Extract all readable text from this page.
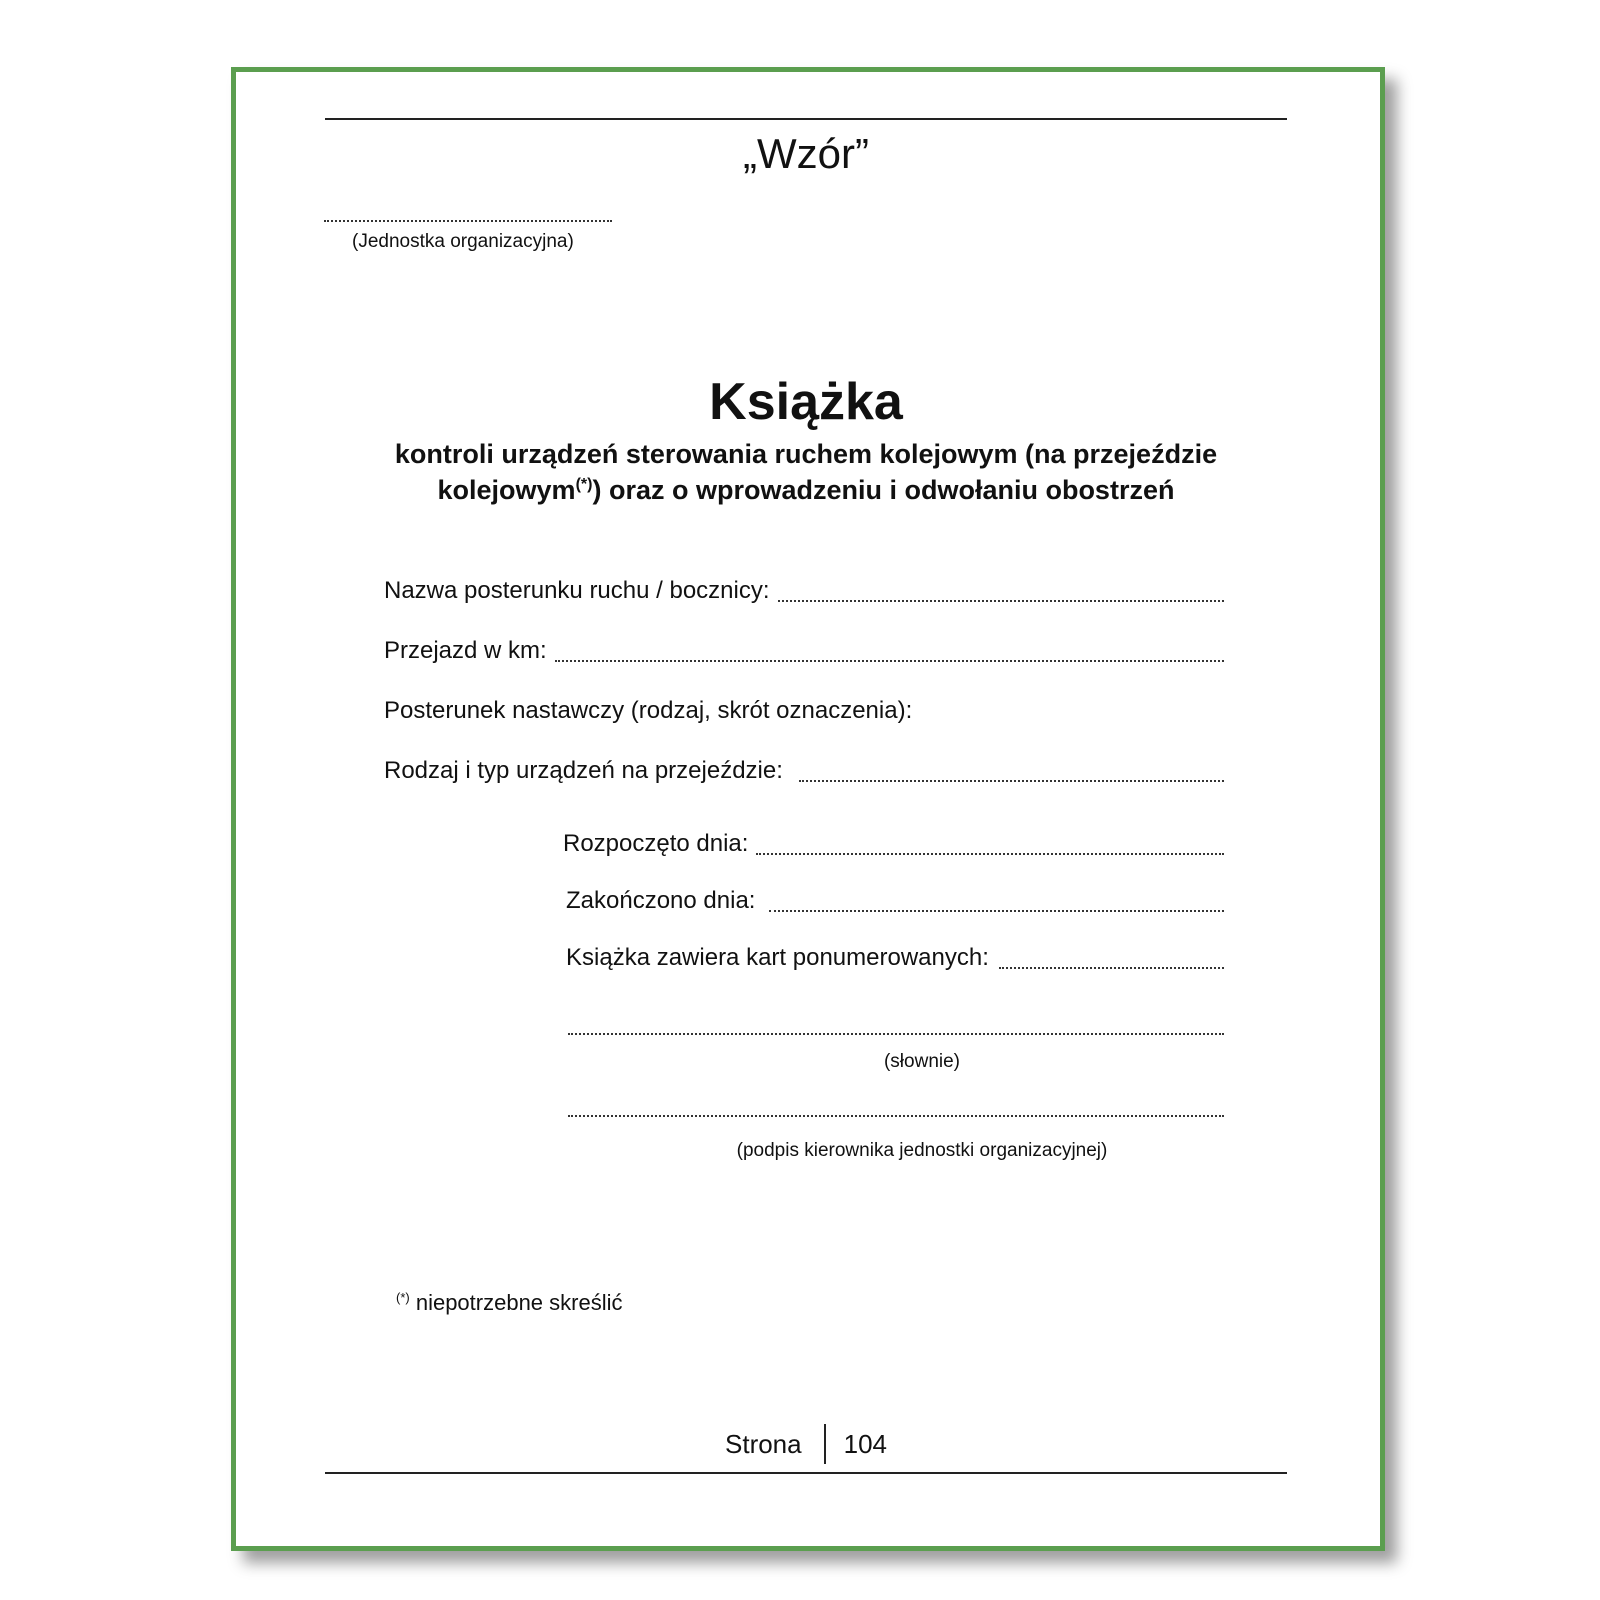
„Wzór”
(Jednostka organizacyjna)
Książka
kontroli urządzeń sterowania ruchem kolejowym (na przejeździe kolejowym(*)) oraz o wprowadzeniu i odwołaniu obostrzeń
Nazwa posterunku ruchu / bocznicy:
Przejazd w km:
Posterunek nastawczy (rodzaj, skrót oznaczenia):
Rodzaj i typ urządzeń na przejeździe:
Rozpoczęto dnia:
Zakończono dnia:
Książka zawiera kart ponumerowanych:
(słownie)
(podpis kierownika jednostki organizacyjnej)
(*) niepotrzebne skreślić
Strona	104
